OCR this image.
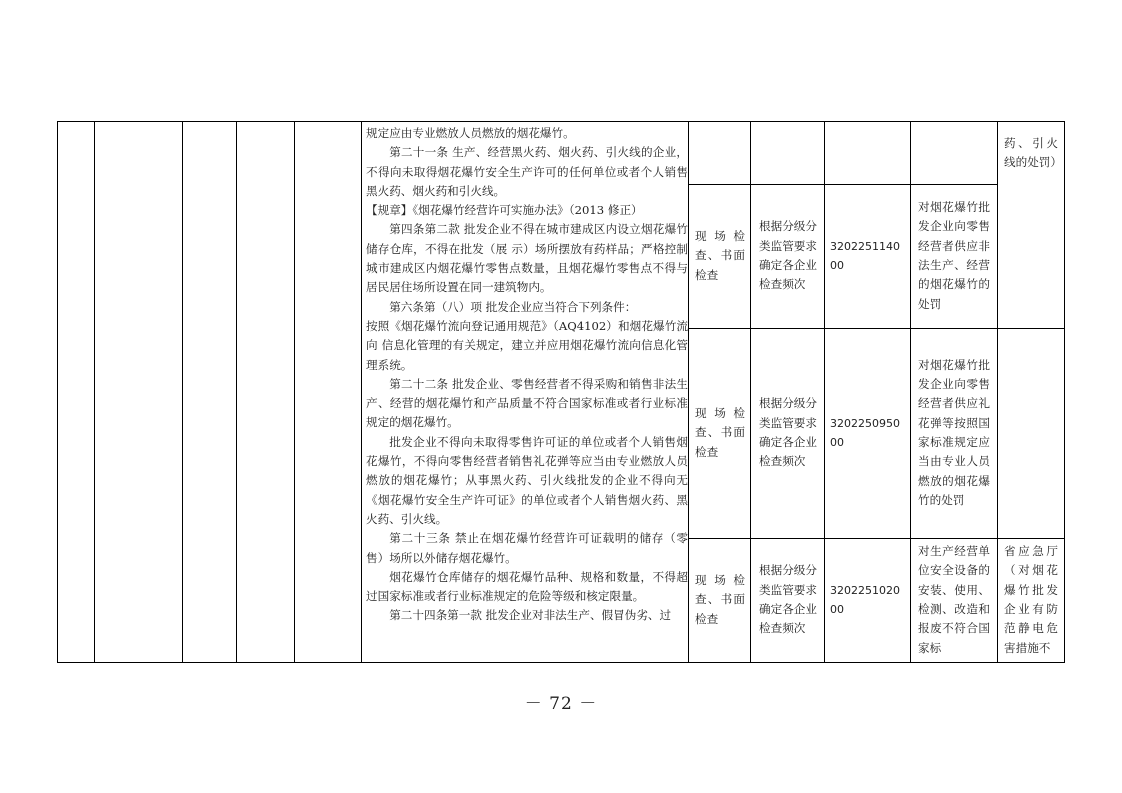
规定应由专业燃放人员燃放的烟花爆竹。

第二十一条 生产、经营黑火药、烟火药、引火线的企业，不得向未取得烟花爆竹安全生产许可的任何单位或者个人销售黑火药、烟火药和引火线。

【规章】《烟花爆竹经营许可实施办法》（2013 修正）

第四条第二款 批发企业不得在城市建成区内设立烟花爆竹储存仓库，不得在批发（展 示）场所摆放有药样品；严格控制城市建成区内烟花爆竹零售点数量，且烟花爆竹零售点不得与居民居住场所设置在同一建筑物内。

第六条第（八）项 批发企业应当符合下列条件：

按照《烟花爆竹流向登记通用规范》（AQ4102）和烟花爆竹流向 信息化管理的有关规定，建立并应用烟花爆竹流向信息化管理系统。

第二十二条 批发企业、零售经营者不得采购和销售非法生产、经营的烟花爆竹和产品质量不符合国家标准或者行业标准规定的烟花爆竹。

批发企业不得向未取得零售许可证的单位或者个人销售烟花爆竹，不得向零售经营者销售礼花弹等应当由专业燃放人员燃放的烟花爆竹；从事黑火药、引火线批发的企业不得向无《烟花爆竹安全生产许可证》的单位或者个人销售烟火药、黑火药、引火线。

第二十三条 禁止在烟花爆竹经营许可证载明的储存（零售）场所以外储存烟花爆竹。

烟花爆竹仓库储存的烟花爆竹品种、规格和数量，不得超过国家标准或者行业标准规定的危险等级和核定限量。

第二十四条第一款 批发企业对非法生产、假冒伪劣、过

药、引火线的处罚）
现场检查、书面检查
根据分级分类监管要求确定各企业检查频次
320225114000
对烟花爆竹批发企业向零售经营者供应非法生产、经营的烟花爆竹的处罚
现场检查、书面检查
根据分级分类监管要求确定各企业检查频次
320225095000
对烟花爆竹批发企业向零售经营者供应礼花弹等按照国家标准规定应当由专业人员燃放的烟花爆竹的处罚
现场检查、书面检查
根据分级分类监管要求确定各企业检查频次
320225102000
对生产经营单位安全设备的安装、使用、检测、改造和报废不符合国家标
省应急厅（对烟花爆竹批发企业有防范静电危害措施不
－ 72 －
